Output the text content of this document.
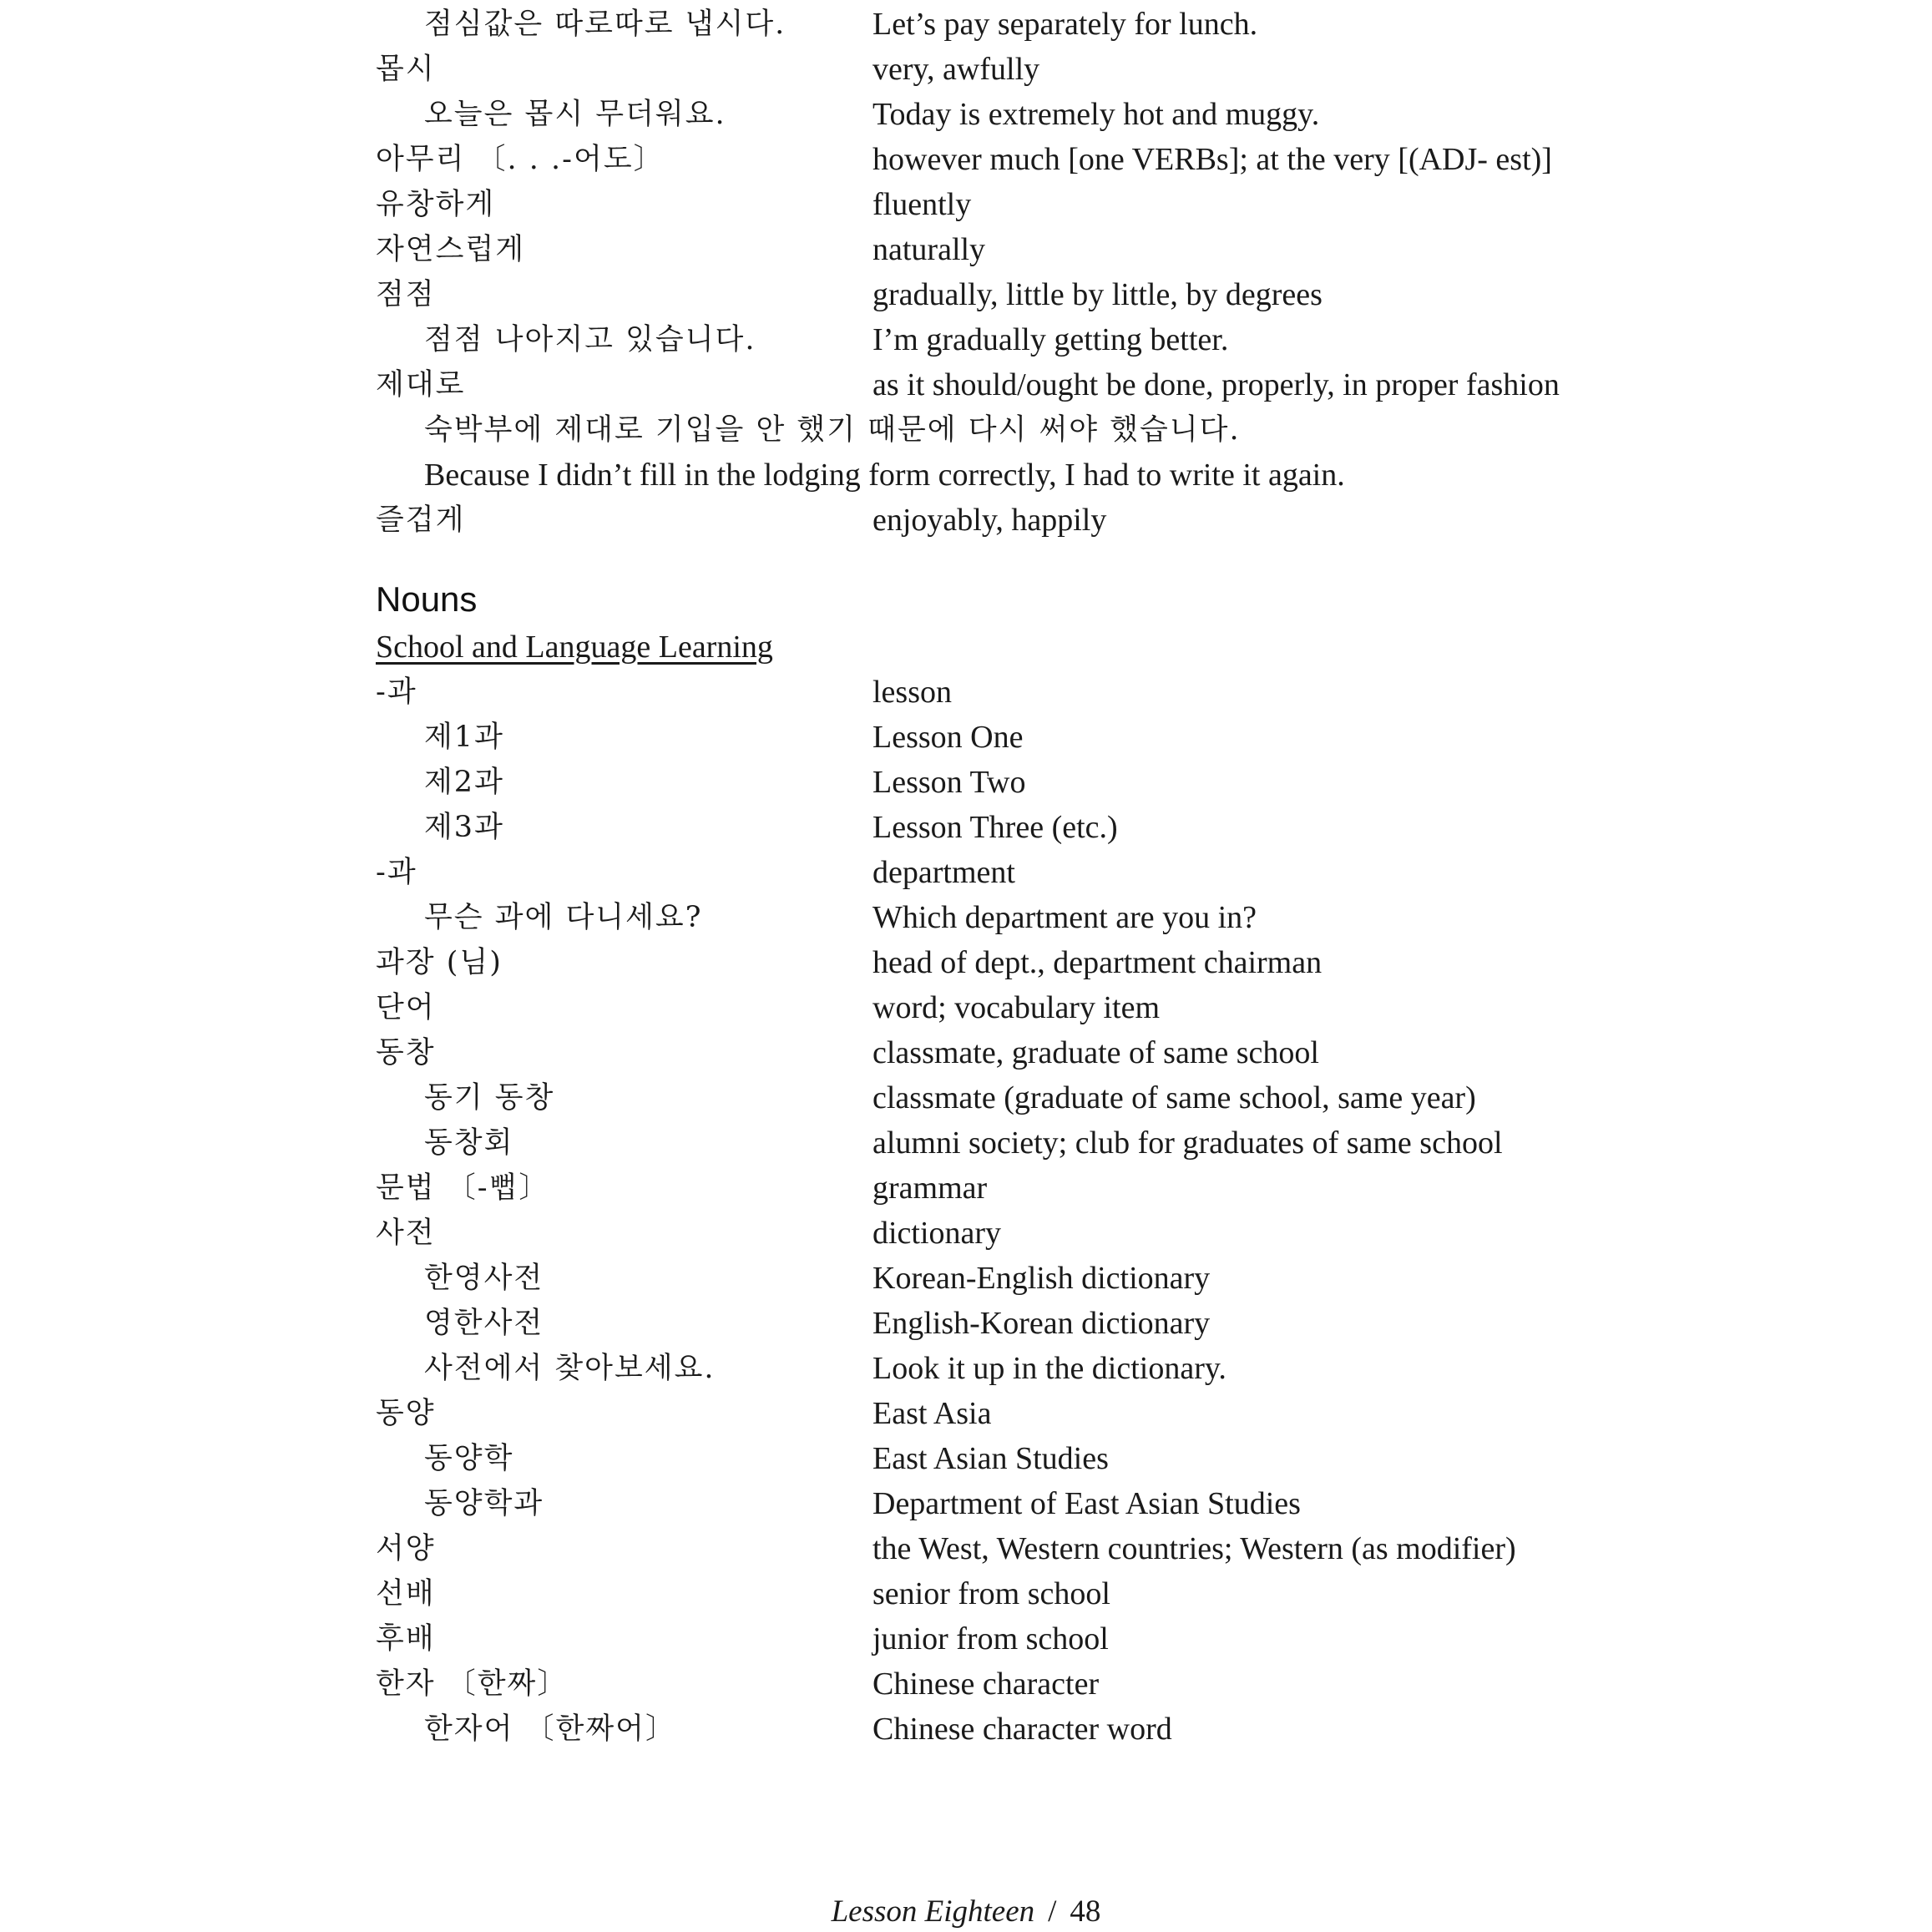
점심값은 따로따로 냅시다.	Let’s pay separately for lunch.
몹시	very, awfully
오늘은 몹시 무더워요.	Today is extremely hot and muggy.
아무리 〔. . .-어도〕	however much [one VERBs]; at the very [(ADJ- est)]
유창하게	fluently
자연스럽게	naturally
점점	gradually, little by little, by degrees
점점 나아지고 있습니다.	I’m gradually getting better.
제대로	as it should/ought be done, properly, in proper fashion
숙박부에 제대로 기입을 안 했기 때문에 다시 써야 했습니다.
Because I didn’t fill in the lodging form correctly, I had to write it again.
즐겁게	enjoyably, happily
Nouns
School and Language Learning
-과	lesson
제1과	Lesson One
제2과	Lesson Two
제3과	Lesson Three (etc.)
-과	department
무슨 과에 다니세요?	Which department are you in?
과장 (님)	head of dept., department chairman
단어	word; vocabulary item
동창	classmate, graduate of same school
동기 동창	classmate (graduate of same school, same year)
동창회	alumni society; club for graduates of same school
문법 〔-뻡〕	grammar
사전	dictionary
한영사전	Korean-English dictionary
영한사전	English-Korean dictionary
사전에서 찾아보세요.	Look it up in the dictionary.
동양	East Asia
동양학	East Asian Studies
동양학과	Department of East Asian Studies
서양	the West, Western countries; Western (as modifier)
선배	senior from school
후배	junior from school
한자 〔한짜〕	Chinese character
한자어 〔한짜어〕	Chinese character word
Lesson Eighteen / 48
